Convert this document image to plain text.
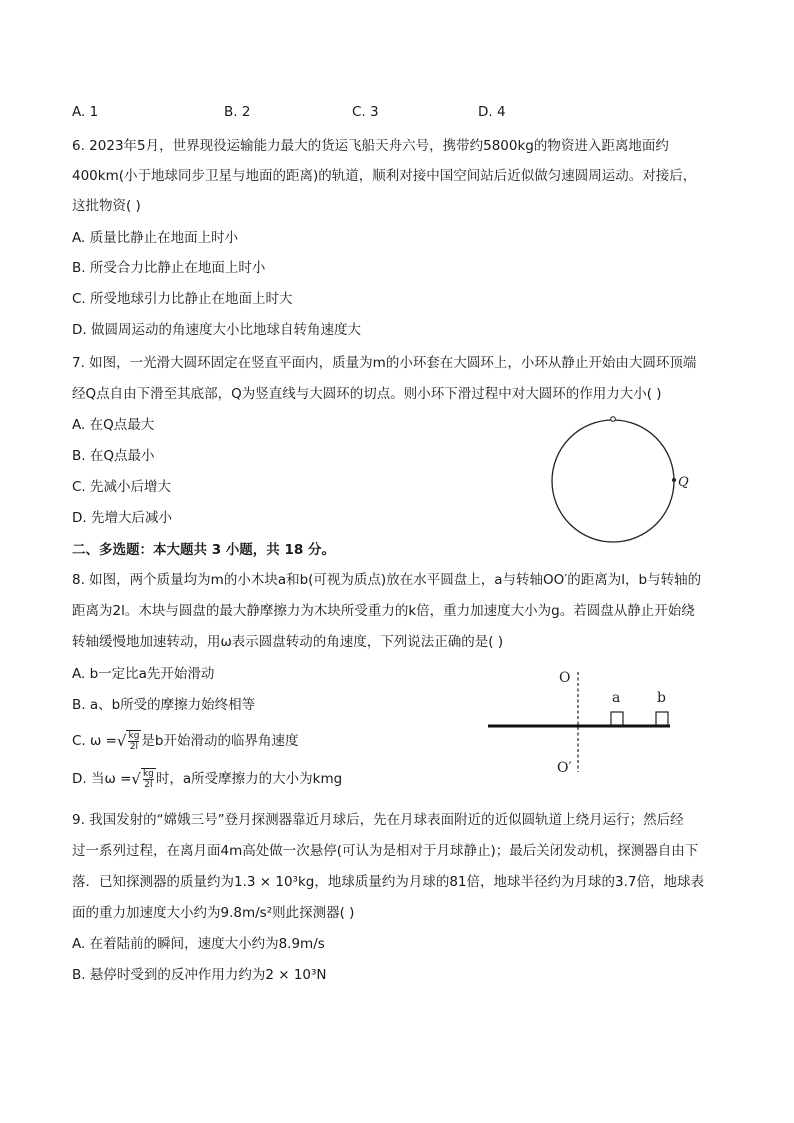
A. 1	B. 2	C. 3	D. 4
6. 2023年5月，世界现役运输能力最大的货运飞船天舟六号，携带约5800kg的物资进入距离地面约
400km(小于地球同步卫星与地面的距离)的轨道，顺利对接中国空间站后近似做匀速圆周运动。对接后，
这批物资( )
A. 质量比静止在地面上时小
B. 所受合力比静止在地面上时小
C. 所受地球引力比静止在地面上时大
D. 做圆周运动的角速度大小比地球自转角速度大
7. 如图，一光滑大圆环固定在竖直平面内，质量为m的小环套在大圆环上，小环从静止开始由大圆环顶端
经Q点自由下滑至其底部，Q为竖直线与大圆环的切点。则小环下滑过程中对大圆环的作用力大小( )
A. 在Q点最大
B. 在Q点最小
C. 先减小后增大
D. 先增大后减小
Q
二、多选题：本大题共 3 小题，共 18 分。
8. 如图，两个质量均为m的小木块a和b(可视为质点)放在水平圆盘上，a与转轴OO′的距离为l，b与转轴的
距离为2l。木块与圆盘的最大静摩擦力为木块所受重力的k倍，重力加速度大小为g。若圆盘从静止开始绕
转轴缓慢地加速转动，用ω表示圆盘转动的角速度，下列说法正确的是( )
A. b一定比a先开始滑动
B. a、b所受的摩擦力始终相等
C. ω = √ $\frac{kg}{2l}$ 是b开始滑动的临界角速度
D. 当ω = √ $\frac{kg}{2l}$ 时，a所受摩擦力的大小为kmg
O
a	b
O′
9. 我国发射的“嫦娥三号”登月探测器靠近月球后，先在月球表面附近的近似圆轨道上绕月运行；然后经
过一系列过程，在离月面4m高处做一次悬停(可认为是相对于月球静止)；最后关闭发动机，探测器自由下
落．已知探测器的质量约为1.3 × 10³kg，地球质量约为月球的81倍，地球半径约为月球的3.7倍，地球表
面的重力加速度大小约为9.8m/s²则此探测器( )
A. 在着陆前的瞬间，速度大小约为8.9m/s
B. 悬停时受到的反冲作用力约为2 × 10³N
